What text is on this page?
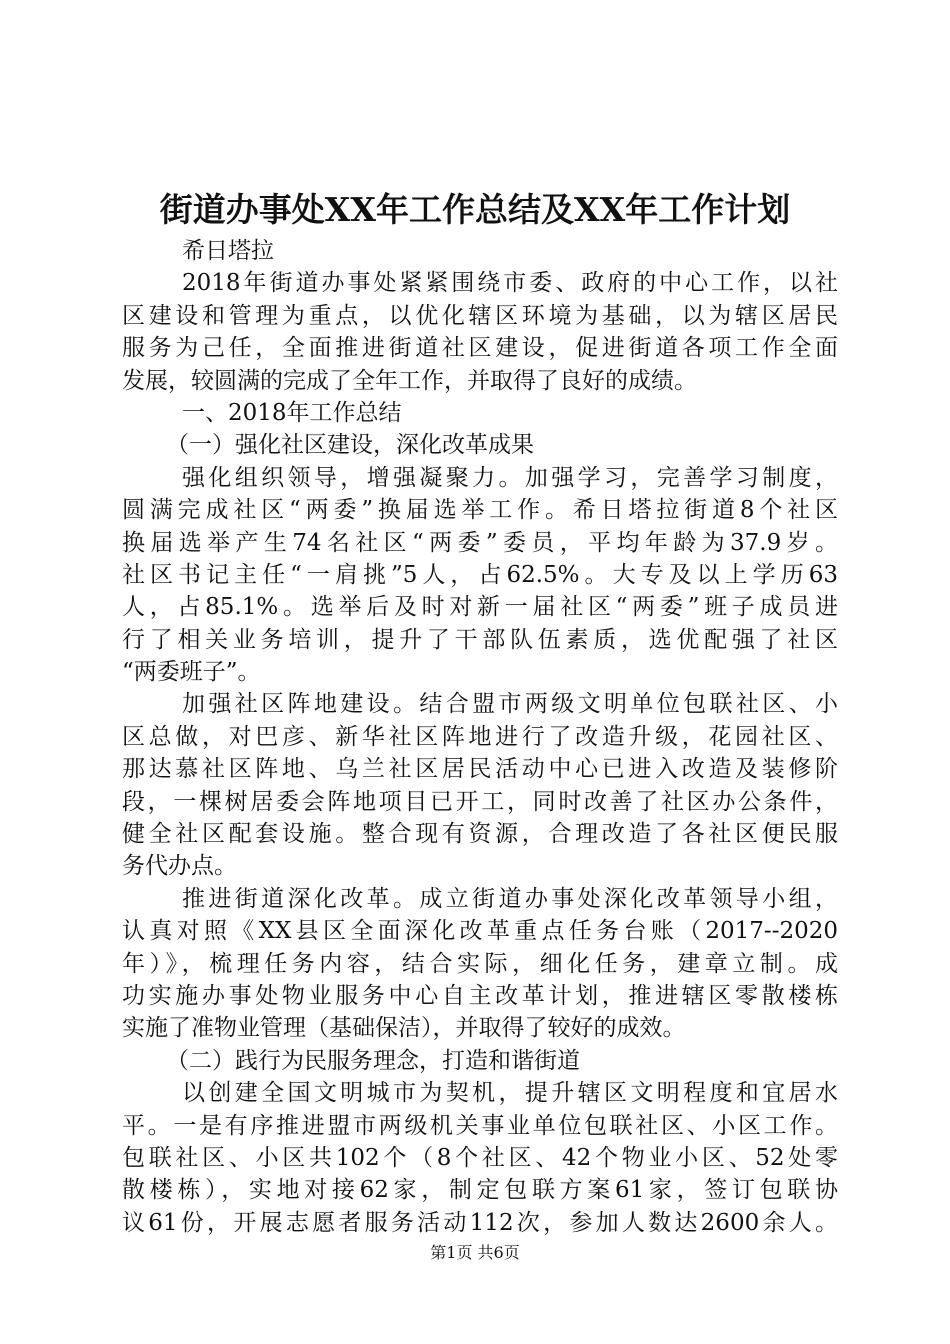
街道办事处XX年工作总结及XX年工作计划
希日塔拉
2018年街道办事处紧紧围绕市委、政府的中心工作，以社
区建设和管理为重点，以优化辖区环境为基础，以为辖区居民
服务为己任，全面推进街道社区建设，促进街道各项工作全面
发展，较圆满的完成了全年工作，并取得了良好的成绩。
一、2018年工作总结
（一）强化社区建设，深化改革成果
强化组织领导，增强凝聚力。加强学习，完善学习制度，
圆满完成社区“两委”换届选举工作。希日塔拉街道8个社区
换届选举产生74名社区“两委”委员，平均年龄为37.9岁。
社区书记主任“一肩挑”5人，占62.5%。大专及以上学历63
人，占85.1%。选举后及时对新一届社区“两委”班子成员进
行了相关业务培训，提升了干部队伍素质，选优配强了社区
“两委班子”。
加强社区阵地建设。结合盟市两级文明单位包联社区、小
区总做，对巴彦、新华社区阵地进行了改造升级，花园社区、
那达慕社区阵地、乌兰社区居民活动中心已进入改造及装修阶
段，一棵树居委会阵地项目已开工，同时改善了社区办公条件，
健全社区配套设施。整合现有资源，合理改造了各社区便民服
务代办点。
推进街道深化改革。成立街道办事处深化改革领导小组，
认真对照《XX县区全面深化改革重点任务台账（2017--2020
年）》，梳理任务内容，结合实际，细化任务，建章立制。成
功实施办事处物业服务中心自主改革计划，推进辖区零散楼栋
实施了准物业管理（基础保洁），并取得了较好的成效。
（二）践行为民服务理念，打造和谐街道
以创建全国文明城市为契机，提升辖区文明程度和宜居水
平。一是有序推进盟市两级机关事业单位包联社区、小区工作。
包联社区、小区共102个（8个社区、42个物业小区、52处零
散楼栋），实地对接62家，制定包联方案61家，签订包联协
议61份，开展志愿者服务活动112次，参加人数达2600余人。
第1页 共6页
